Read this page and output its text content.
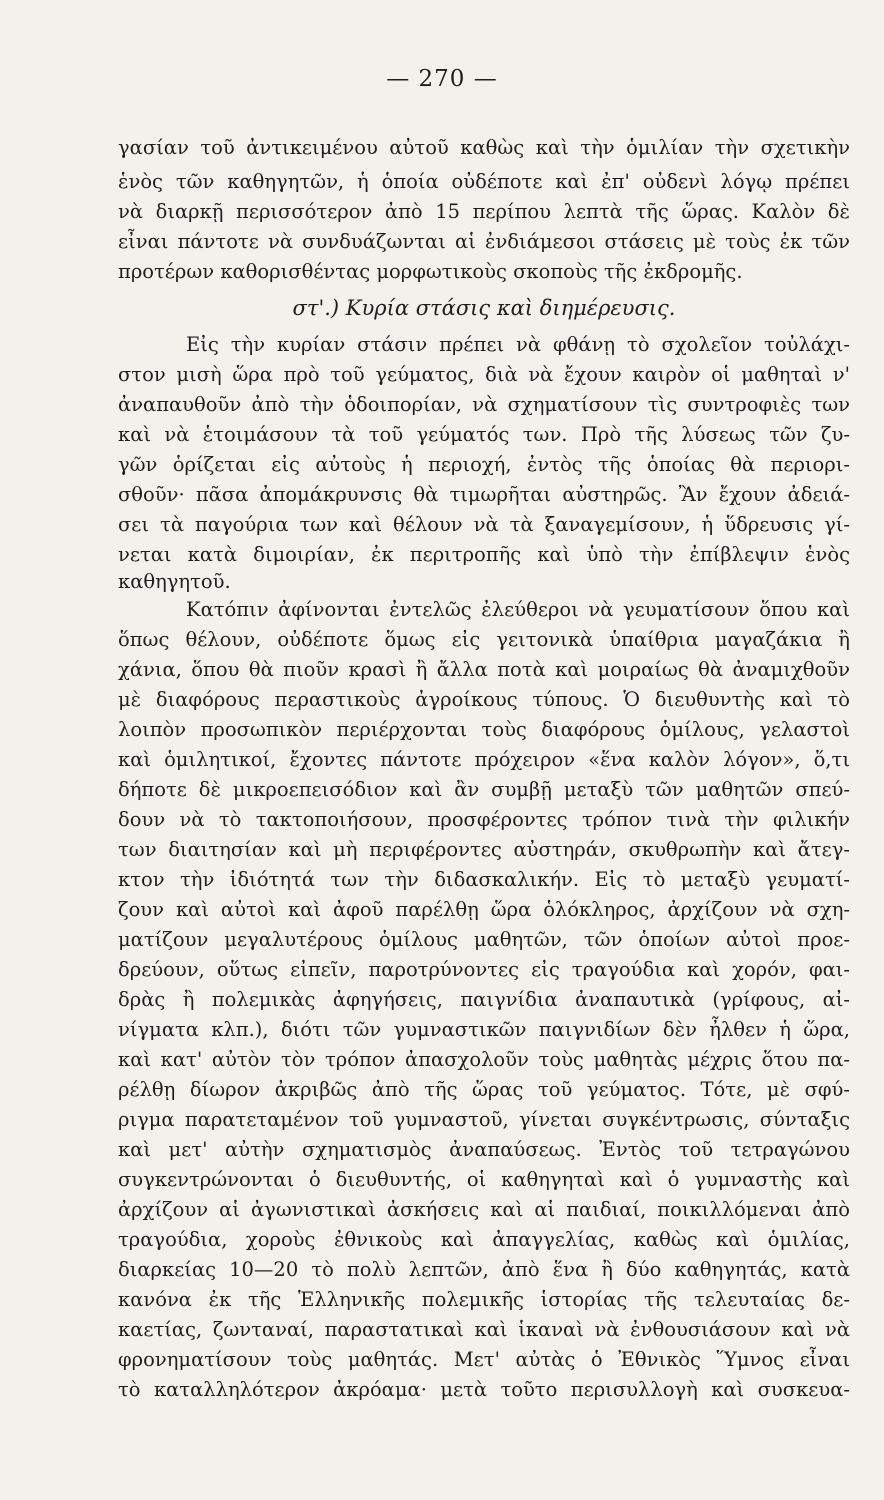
— 270 —
γασίαν τοῦ ἀντικειμένου αὐτοῦ καθὼς καὶ τὴν ὁμιλίαν τὴν σχετικὴν
ἑνὸς τῶν καθηγητῶν, ἡ ὁποία οὐδέποτε καὶ ἐπ' οὐδενὶ λόγῳ πρέπει
νὰ διαρκῇ περισσότερον ἀπὸ 15 περίπου λεπτὰ τῆς ὥρας. Καλὸν δὲ
εἶναι πάντοτε νὰ συνδυάζωνται αἱ ἐνδιάμεσοι στάσεις μὲ τοὺς ἐκ τῶν
προτέρων καθορισθέντας μορφωτικοὺς σκοποὺς τῆς ἐκδρομῆς.
στ'.) Κυρία στάσις καὶ διημέρευσις.
Εἰς τὴν κυρίαν στάσιν πρέπει νὰ φθάνῃ τὸ σχολεῖον τοὐλάχι-
στον μισὴ ὥρα πρὸ τοῦ γεύματος, διὰ νὰ ἔχουν καιρὸν οἱ μαθηταὶ ν'
ἀναπαυθοῦν ἀπὸ τὴν ὁδοιπορίαν, νὰ σχηματίσουν τὶς συντροφιὲς των
καὶ νὰ ἑτοιμάσουν τὰ τοῦ γεύματός των. Πρὸ τῆς λύσεως τῶν ζυ-
γῶν ὁρίζεται εἰς αὐτοὺς ἡ περιοχή, ἐντὸς τῆς ὁποίας θὰ περιορι-
σθοῦν· πᾶσα ἀπομάκρυνσις θὰ τιμωρῆται αὐστηρῶς. Ἂν ἔχουν ἀδειά-
σει τὰ παγούρια των καὶ θέλουν νὰ τὰ ξαναγεμίσουν, ἡ ὕδρευσις γί-
νεται κατὰ διμοιρίαν, ἐκ περιτροπῆς καὶ ὑπὸ τὴν ἐπίβλεψιν ἑνὸς
καθηγητοῦ.
Κατόπιν ἀφίνονται ἐντελῶς ἐλεύθεροι νὰ γευματίσουν ὅπου καὶ
ὅπως θέλουν, οὐδέποτε ὅμως εἰς γειτονικὰ ὑπαίθρια μαγαζάκια ἢ
χάνια, ὅπου θὰ πιοῦν κρασὶ ἢ ἄλλα ποτὰ καὶ μοιραίως θὰ ἀναμιχθοῦν
μὲ διαφόρους περαστικοὺς ἀγροίκους τύπους. Ὁ διευθυντὴς καὶ τὸ
λοιπὸν προσωπικὸν περιέρχονται τοὺς διαφόρους ὁμίλους, γελαστοὶ
καὶ ὁμιλητικοί, ἔχοντες πάντοτε πρόχειρον «ἕνα καλὸν λόγον», ὅ,τι
δήποτε δὲ μικροεπεισόδιον καὶ ἂν συμβῇ μεταξὺ τῶν μαθητῶν σπεύ-
δουν νὰ τὸ τακτοποιήσουν, προσφέροντες τρόπον τινὰ τὴν φιλικήν
των διαιτησίαν καὶ μὴ περιφέροντες αὐστηράν, σκυθρωπὴν καὶ ἄτεγ-
κτον τὴν ἰδιότητά των τὴν διδασκαλικήν. Εἰς τὸ μεταξὺ γευματί-
ζουν καὶ αὐτοὶ καὶ ἀφοῦ παρέλθῃ ὥρα ὁλόκληρος, ἀρχίζουν νὰ σχη-
ματίζουν μεγαλυτέρους ὁμίλους μαθητῶν, τῶν ὁποίων αὐτοὶ προε-
δρεύουν, οὕτως εἰπεῖν, παροτρύνοντες εἰς τραγούδια καὶ χορόν, φαι-
δρὰς ἢ πολεμικὰς ἀφηγήσεις, παιγνίδια ἀναπαυτικὰ (γρίφους, αἰ-
νίγματα κλπ.), διότι τῶν γυμναστικῶν παιγνιδίων δὲν ἦλθεν ἡ ὥρα,
καὶ κατ' αὐτὸν τὸν τρόπον ἀπασχολοῦν τοὺς μαθητὰς μέχρις ὅτου πα-
ρέλθῃ δίωρον ἀκριβῶς ἀπὸ τῆς ὥρας τοῦ γεύματος. Τότε, μὲ σφύ-
ριγμα παρατεταμένον τοῦ γυμναστοῦ, γίνεται συγκέντρωσις, σύνταξις
καὶ μετ' αὐτὴν σχηματισμὸς ἀναπαύσεως. Ἐντὸς τοῦ τετραγώνου
συγκεντρώνονται ὁ διευθυντής, οἱ καθηγηταὶ καὶ ὁ γυμναστὴς καὶ
ἀρχίζουν αἱ ἀγωνιστικαὶ ἀσκήσεις καὶ αἱ παιδιαί, ποικιλλόμεναι ἀπὸ
τραγούδια, χοροὺς ἐθνικοὺς καὶ ἀπαγγελίας, καθὼς καὶ ὁμιλίας,
διαρκείας 10—20 τὸ πολὺ λεπτῶν, ἀπὸ ἕνα ἢ δύο καθηγητάς, κατὰ
κανόνα ἐκ τῆς Ἑλληνικῆς πολεμικῆς ἱστορίας τῆς τελευταίας δε-
καετίας, ζωνταναί, παραστατικαὶ καὶ ἱκαναὶ νὰ ἐνθουσιάσουν καὶ νὰ
φρονηματίσουν τοὺς μαθητάς. Μετ' αὐτὰς ὁ Ἐθνικὸς Ὕμνος εἶναι
τὸ καταλληλότερον ἀκρόαμα· μετὰ τοῦτο περισυλλογὴ καὶ συσκευα-
